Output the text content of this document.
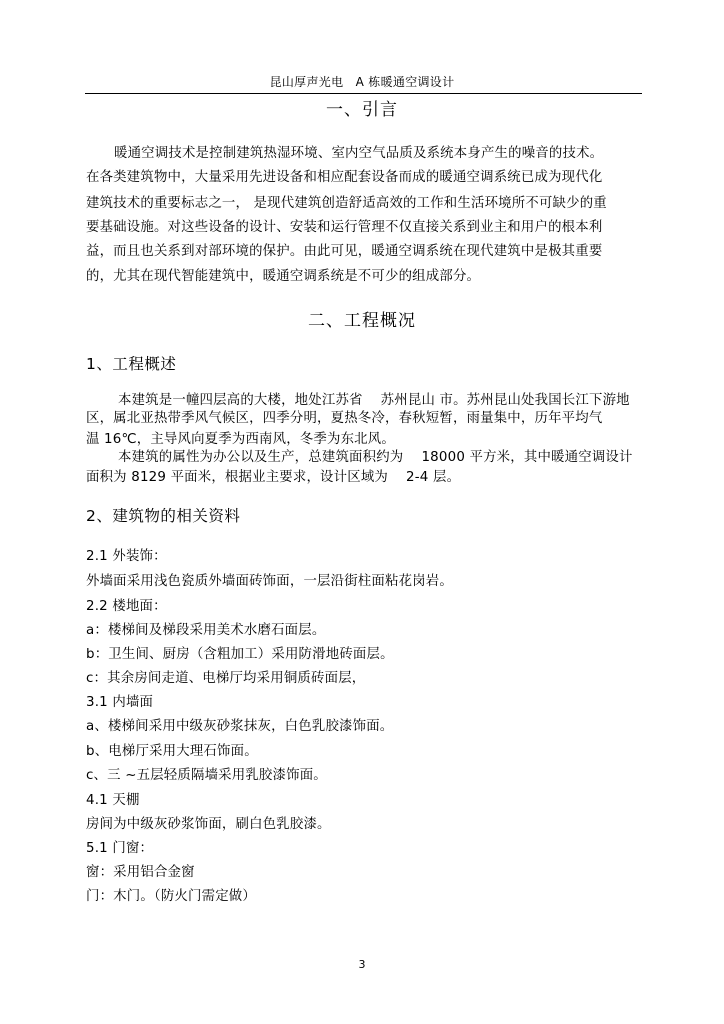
昆山厚声光电　A 栋暖通空调设计
一、引言
暖通空调技术是控制建筑热湿环境、室内空气品质及系统本身产生的噪音的技术。
在各类建筑物中，大量采用先进设备和相应配套设备而成的暖通空调系统已成为现代化
建筑技术的重要标志之一， 是现代建筑创造舒适高效的工作和生活环境所不可缺少的重
要基础设施。对这些设备的设计、安装和运行管理不仅直接关系到业主和用户的根本利
益，而且也关系到对部环境的保护。由此可见，暖通空调系统在现代建筑中是极其重要
的，尤其在现代智能建筑中，暖通空调系统是不可少的组成部分。
二、工程概况
1、工程概述
本建筑是一幢四层高的大楼，地处江苏省　 苏州昆山 市。苏州昆山处我国长江下游地
区，属北亚热带季风气候区，四季分明，夏热冬冷，春秋短暂，雨量集中，历年平均气
温 16℃，主导风向夏季为西南风，冬季为东北风。
本建筑的属性为办公以及生产，总建筑面积约为　 18000 平方米，其中暖通空调设计
面积为 8129 平面米，根据业主要求，设计区域为　 2-4 层。
2、建筑物的相关资料
2.1 外装饰：
外墙面采用浅色瓷质外墙面砖饰面，一层沿街柱面粘花岗岩。
2.2 楼地面：
a：楼梯间及梯段采用美术水磨石面层。
b：卫生间、厨房（含粗加工）采用防滑地砖面层。
c：其余房间走道、电梯厅均采用铜质砖面层，
3.1 内墙面
a、楼梯间采用中级灰砂浆抹灰，白色乳胶漆饰面。
b、电梯厅采用大理石饰面。
c、三 ~五层轻质隔墙采用乳胶漆饰面。
4.1 天棚
房间为中级灰砂浆饰面，刷白色乳胶漆。
5.1 门窗：
窗：采用铝合金窗
门：木门。（防火门需定做）
3
